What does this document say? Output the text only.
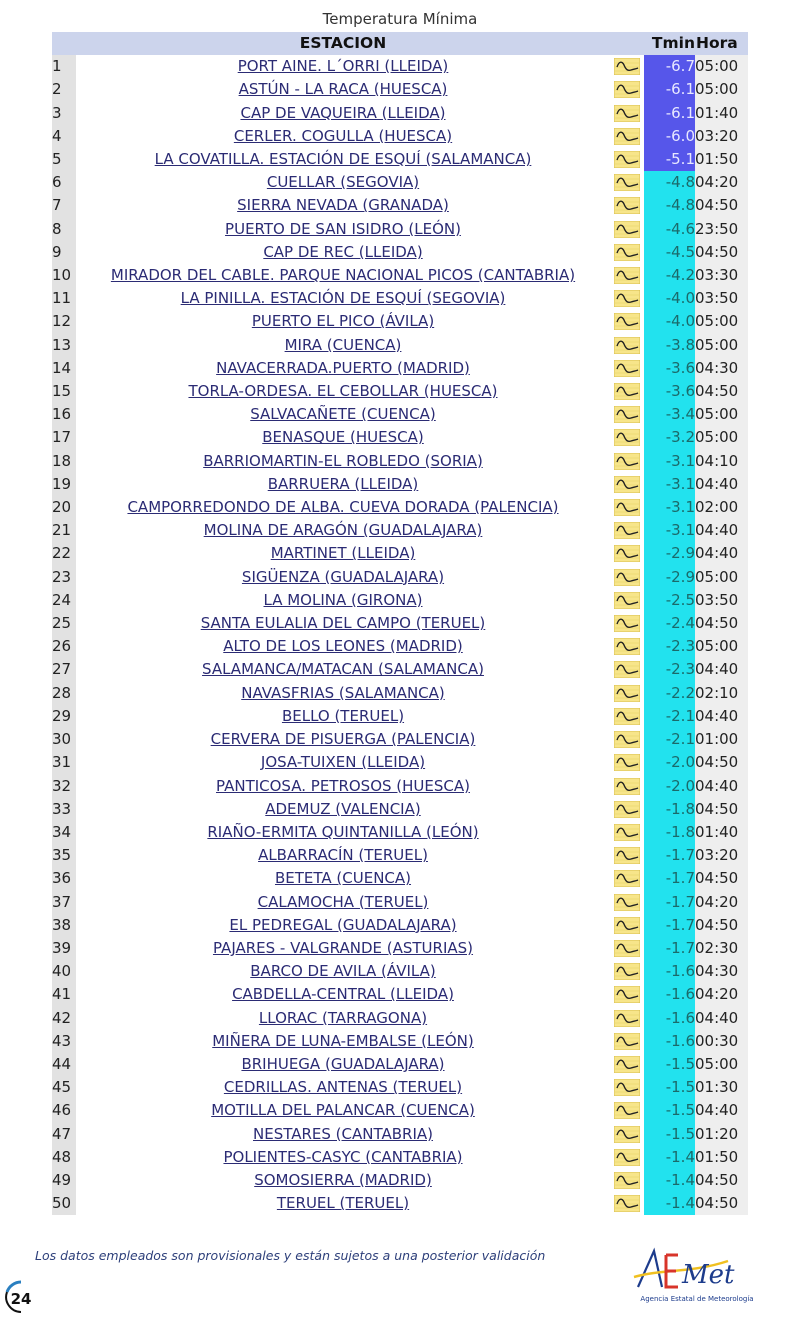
Temperatura Mínima
	ESTACION		Tmin	Hora
1	PORT AINE. L´ORRI (LLEIDA)		-6.7	05:00
2	ASTÚN - LA RACA (HUESCA)		-6.1	05:00
3	CAP DE VAQUEIRA (LLEIDA)		-6.1	01:40
4	CERLER. COGULLA (HUESCA)		-6.0	03:20
5	LA COVATILLA. ESTACIÓN DE ESQUÍ (SALAMANCA)		-5.1	01:50
6	CUELLAR (SEGOVIA)		-4.8	04:20
7	SIERRA NEVADA (GRANADA)		-4.8	04:50
8	PUERTO DE SAN ISIDRO (LEÓN)		-4.6	23:50
9	CAP DE REC (LLEIDA)		-4.5	04:50
10	MIRADOR DEL CABLE. PARQUE NACIONAL PICOS (CANTABRIA)		-4.2	03:30
11	LA PINILLA. ESTACIÓN DE ESQUÍ (SEGOVIA)		-4.0	03:50
12	PUERTO EL PICO (ÁVILA)		-4.0	05:00
13	MIRA (CUENCA)		-3.8	05:00
14	NAVACERRADA.PUERTO (MADRID)		-3.6	04:30
15	TORLA-ORDESA. EL CEBOLLAR (HUESCA)		-3.6	04:50
16	SALVACAÑETE (CUENCA)		-3.4	05:00
17	BENASQUE (HUESCA)		-3.2	05:00
18	BARRIOMARTIN-EL ROBLEDO (SORIA)		-3.1	04:10
19	BARRUERA (LLEIDA)		-3.1	04:40
20	CAMPORREDONDO DE ALBA. CUEVA DORADA (PALENCIA)		-3.1	02:00
21	MOLINA DE ARAGÓN (GUADALAJARA)		-3.1	04:40
22	MARTINET (LLEIDA)		-2.9	04:40
23	SIGÜENZA (GUADALAJARA)		-2.9	05:00
24	LA MOLINA (GIRONA)		-2.5	03:50
25	SANTA EULALIA DEL CAMPO (TERUEL)		-2.4	04:50
26	ALTO DE LOS LEONES (MADRID)		-2.3	05:00
27	SALAMANCA/MATACAN (SALAMANCA)		-2.3	04:40
28	NAVASFRIAS (SALAMANCA)		-2.2	02:10
29	BELLO (TERUEL)		-2.1	04:40
30	CERVERA DE PISUERGA (PALENCIA)		-2.1	01:00
31	JOSA-TUIXEN (LLEIDA)		-2.0	04:50
32	PANTICOSA. PETROSOS (HUESCA)		-2.0	04:40
33	ADEMUZ (VALENCIA)		-1.8	04:50
34	RIAÑO-ERMITA QUINTANILLA (LEÓN)		-1.8	01:40
35	ALBARRACÍN (TERUEL)		-1.7	03:20
36	BETETA (CUENCA)		-1.7	04:50
37	CALAMOCHA (TERUEL)		-1.7	04:20
38	EL PEDREGAL (GUADALAJARA)		-1.7	04:50
39	PAJARES - VALGRANDE (ASTURIAS)		-1.7	02:30
40	BARCO DE AVILA (ÁVILA)		-1.6	04:30
41	CABDELLA-CENTRAL (LLEIDA)		-1.6	04:20
42	LLORAC (TARRAGONA)		-1.6	04:40
43	MIÑERA DE LUNA-EMBALSE (LEÓN)		-1.6	00:30
44	BRIHUEGA (GUADALAJARA)		-1.5	05:00
45	CEDRILLAS. ANTENAS (TERUEL)		-1.5	01:30
46	MOTILLA DEL PALANCAR (CUENCA)		-1.5	04:40
47	NESTARES (CANTABRIA)		-1.5	01:20
48	POLIENTES-CASYC (CANTABRIA)		-1.4	01:50
49	SOMOSIERRA (MADRID)		-1.4	04:50
50	TERUEL (TERUEL)		-1.4	04:50
Los datos empleados son provisionales y están sujetos a una posterior validación
24
Met
Agencia Estatal de Meteorología
